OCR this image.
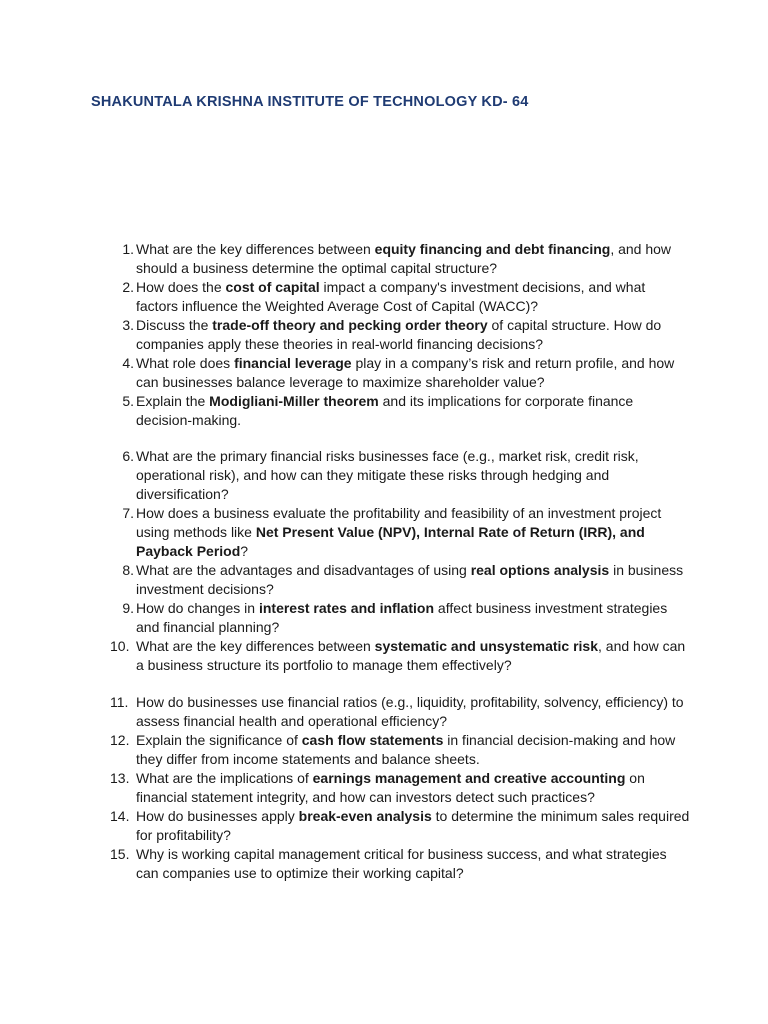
SHAKUNTALA KRISHNA INSTITUTE OF TECHNOLOGY KD- 64
1. What are the key differences between equity financing and debt financing, and how should a business determine the optimal capital structure?
2. How does the cost of capital impact a company's investment decisions, and what factors influence the Weighted Average Cost of Capital (WACC)?
3. Discuss the trade-off theory and pecking order theory of capital structure. How do companies apply these theories in real-world financing decisions?
4. What role does financial leverage play in a company’s risk and return profile, and how can businesses balance leverage to maximize shareholder value?
5. Explain the Modigliani-Miller theorem and its implications for corporate finance decision-making.
6. What are the primary financial risks businesses face (e.g., market risk, credit risk, operational risk), and how can they mitigate these risks through hedging and diversification?
7. How does a business evaluate the profitability and feasibility of an investment project using methods like Net Present Value (NPV), Internal Rate of Return (IRR), and Payback Period?
8. What are the advantages and disadvantages of using real options analysis in business investment decisions?
9. How do changes in interest rates and inflation affect business investment strategies and financial planning?
10. What are the key differences between systematic and unsystematic risk, and how can a business structure its portfolio to manage them effectively?
11. How do businesses use financial ratios (e.g., liquidity, profitability, solvency, efficiency) to assess financial health and operational efficiency?
12. Explain the significance of cash flow statements in financial decision-making and how they differ from income statements and balance sheets.
13. What are the implications of earnings management and creative accounting on financial statement integrity, and how can investors detect such practices?
14. How do businesses apply break-even analysis to determine the minimum sales required for profitability?
15. Why is working capital management critical for business success, and what strategies can companies use to optimize their working capital?
